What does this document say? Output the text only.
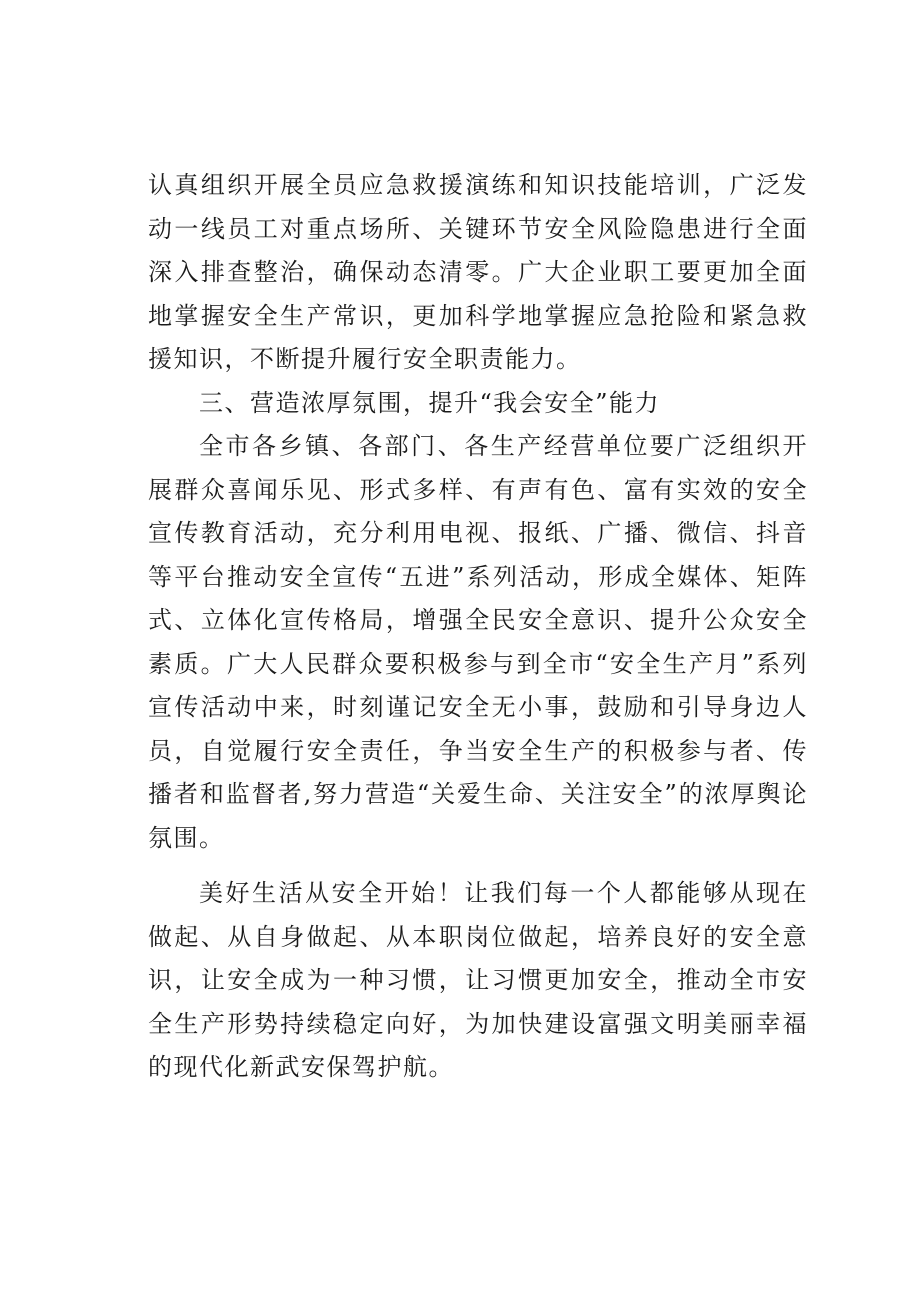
认真组织开展全员应急救援演练和知识技能培训，广泛发动一线员工对重点场所、关键环节安全风险隐患进行全面深入排查整治，确保动态清零。广大企业职工要更加全面地掌握安全生产常识，更加科学地掌握应急抢险和紧急救援知识，不断提升履行安全职责能力。

三、营造浓厚氛围，提升“我会安全”能力

全市各乡镇、各部门、各生产经营单位要广泛组织开展群众喜闻乐见、形式多样、有声有色、富有实效的安全宣传教育活动，充分利用电视、报纸、广播、微信、抖音等平台推动安全宣传“五进”系列活动，形成全媒体、矩阵式、立体化宣传格局，增强全民安全意识、提升公众安全素质。广大人民群众要积极参与到全市“安全生产月”系列宣传活动中来，时刻谨记安全无小事，鼓励和引导身边人员，自觉履行安全责任，争当安全生产的积极参与者、传播者和监督者,努力营造“关爱生命、关注安全”的浓厚舆论氛围。

美好生活从安全开始！让我们每一个人都能够从现在做起、从自身做起、从本职岗位做起，培养良好的安全意识，让安全成为一种习惯，让习惯更加安全，推动全市安全生产形势持续稳定向好，为加快建设富强文明美丽幸福的现代化新武安保驾护航。
